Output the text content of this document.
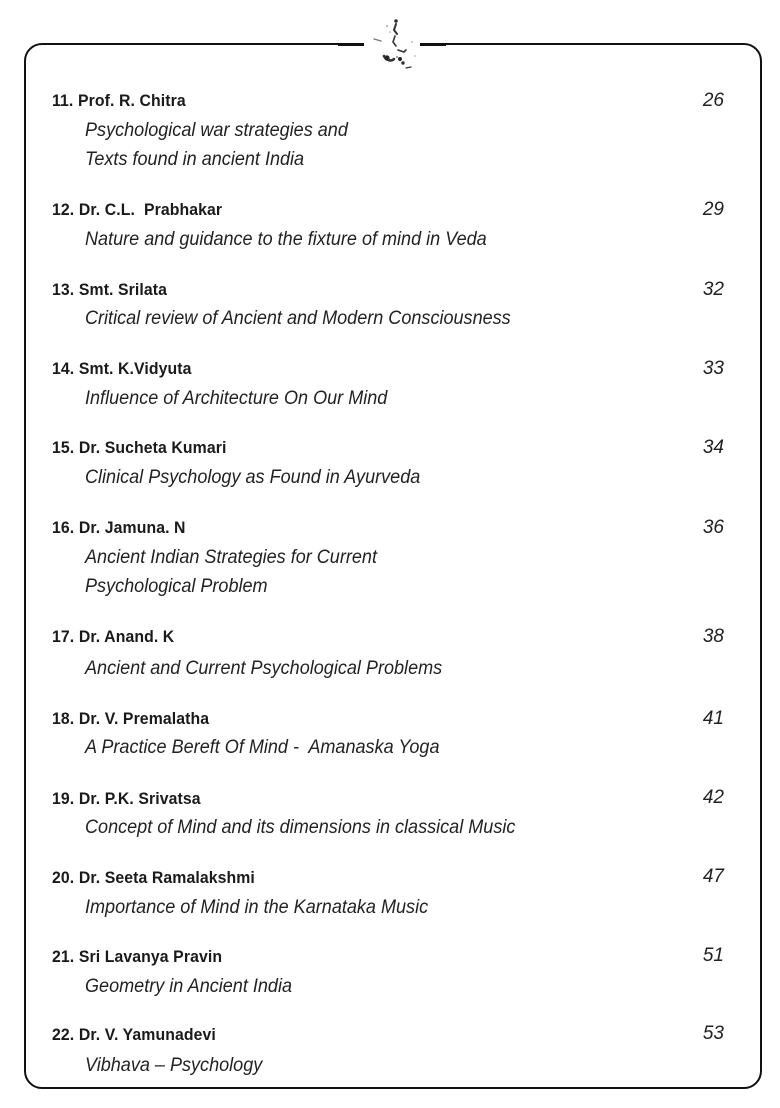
11. Prof. R. Chitra	26
Psychological war strategies and
Texts found in ancient India
12. Dr. C.L.  Prabhakar	29
Nature and guidance to the fixture of mind in Veda
13. Smt. Srilata	32
Critical review of Ancient and Modern Consciousness
14. Smt. K.Vidyuta	33
Influence of Architecture On Our Mind
15. Dr. Sucheta Kumari	34
Clinical Psychology as Found in Ayurveda
16. Dr. Jamuna. N	36
Ancient Indian Strategies for Current
Psychological Problem
17. Dr. Anand. K	38
Ancient and Current Psychological Problems
18. Dr. V. Premalatha	41
A Practice Bereft Of Mind -  Amanaska Yoga
19. Dr. P.K. Srivatsa	42
Concept of Mind and its dimensions in classical Music
20. Dr. Seeta Ramalakshmi	47
Importance of Mind in the Karnataka Music
21. Sri Lavanya Pravin	51
Geometry in Ancient India
22. Dr. V. Yamunadevi	53
Vibhava – Psychology
